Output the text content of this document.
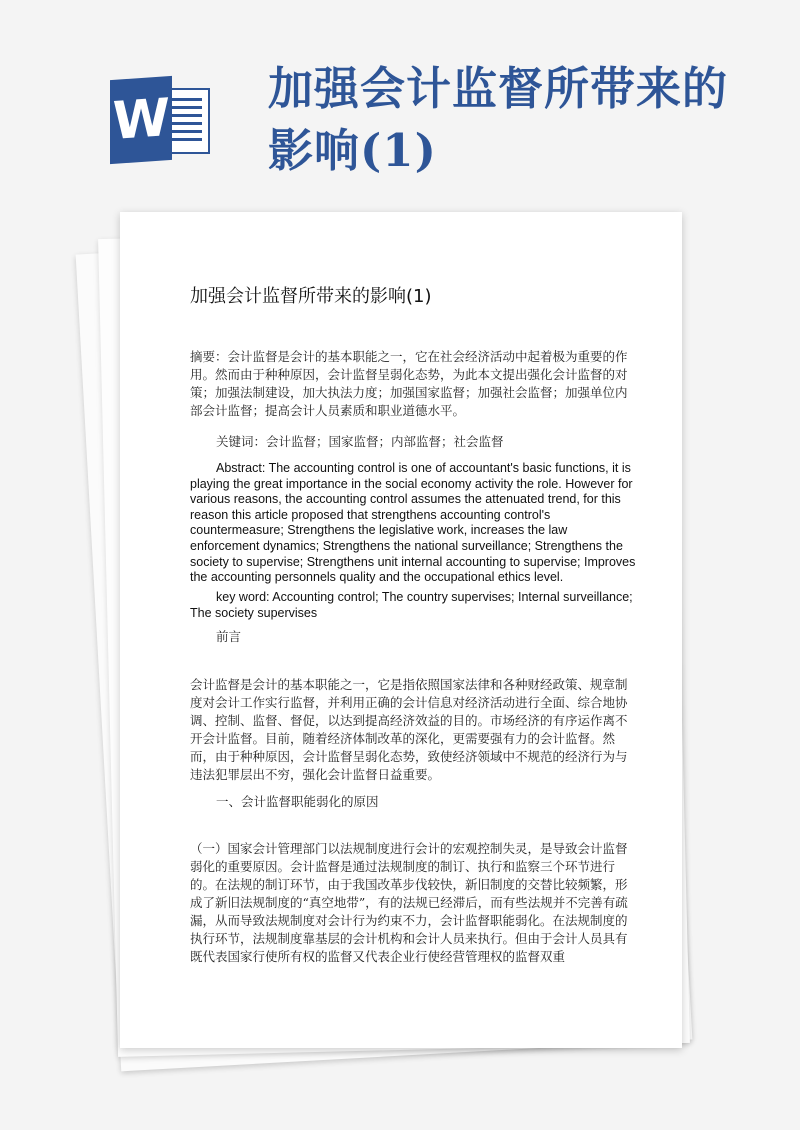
W 加强会计监督所带来的影响(1)
加强会计监督所带来的影响(1)
摘要：会计监督是会计的基本职能之一，它在社会经济活动中起着极为重要的作用。然而由于种种原因，会计监督呈弱化态势，为此本文提出强化会计监督的对策；加强法制建设，加大执法力度；加强国家监督；加强社会监督；加强单位内部会计监督；提高会计人员素质和职业道德水平。
关键词：会计监督；国家监督；内部监督；社会监督
Abstract: The accounting control is one of accountant's basic functions, it is playing the great importance in the social economy activity the role. However for various reasons, the accounting control assumes the attenuated trend, for this reason this article proposed that strengthens accounting control's countermeasure; Strengthens the legislative work, increases the law enforcement dynamics; Strengthens the national surveillance; Strengthens the society to supervise; Strengthens unit internal accounting to supervise; Improves the accounting personnels quality and the occupational ethics level.
key word: Accounting control; The country supervises; Internal surveillance; The society supervises
前言
会计监督是会计的基本职能之一，它是指依照国家法律和各种财经政策、规章制度对会计工作实行监督，并利用正确的会计信息对经济活动进行全面、综合地协调、控制、监督、督促，以达到提高经济效益的目的。市场经济的有序运作离不开会计监督。目前，随着经济体制改革的深化，更需要强有力的会计监督。然而，由于种种原因，会计监督呈弱化态势，致使经济领域中不规范的经济行为与违法犯罪层出不穷，强化会计监督日益重要。
一、会计监督职能弱化的原因
（一）国家会计管理部门以法规制度进行会计的宏观控制失灵，是导致会计监督弱化的重要原因。会计监督是通过法规制度的制订、执行和监察三个环节进行的。在法规的制订环节，由于我国改革步伐较快，新旧制度的交替比较频繁，形成了新旧法规制度的“真空地带”，有的法规已经滞后，而有些法规并不完善有疏漏，从而导致法规制度对会计行为约束不力，会计监督职能弱化。在法规制度的执行环节，法规制度靠基层的会计机构和会计人员来执行。但由于会计人员具有既代表国家行使所有权的监督又代表企业行使经营管理权的监督双重
